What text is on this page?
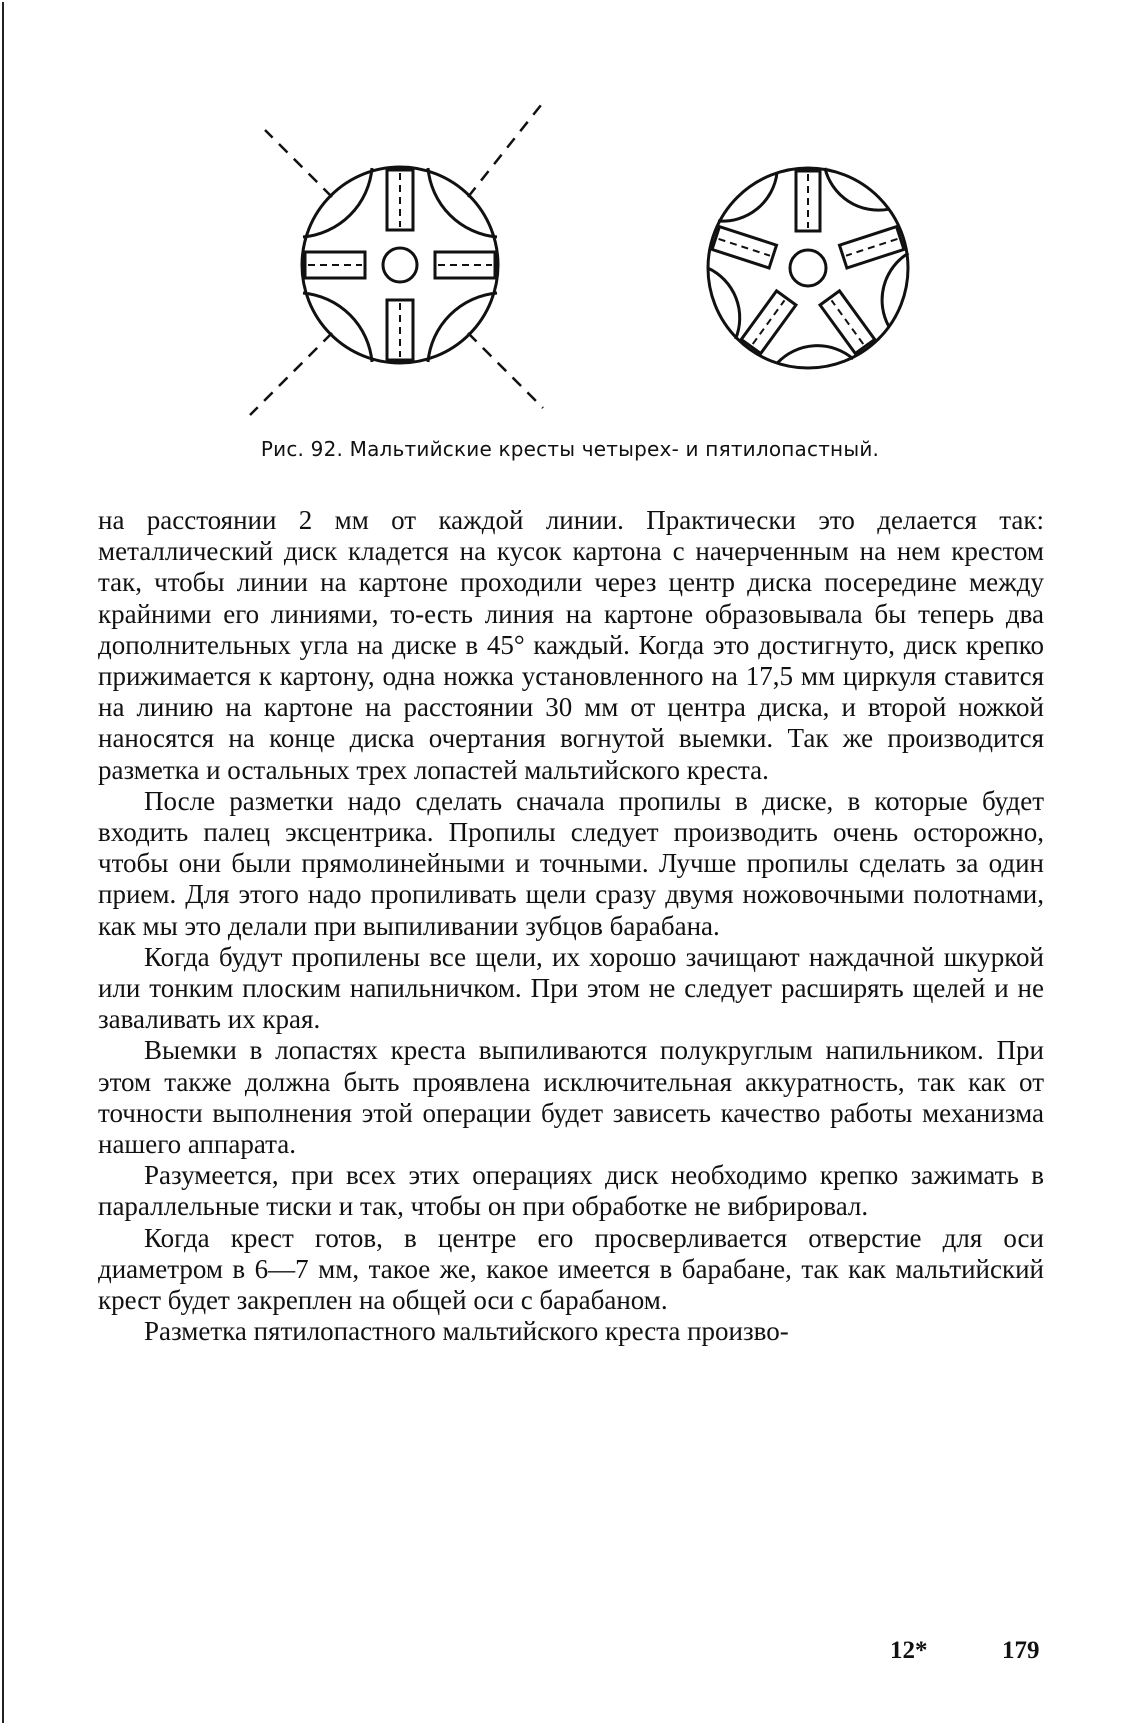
Рис. 92. Мальтийские кресты четырех- и пятилопастный.

на расстоянии 2 мм от каждой линии. Практически это делается так: металлический диск кладется на кусок картона с начерченным на нем крестом так, чтобы линии на картоне проходили через центр диска посередине между крайними его линиями, то-есть линия на картоне образовывала бы теперь два дополнительных угла на диске в 45° каждый. Когда это достигнуто, диск крепко прижимается к картону, одна ножка установленного на 17,5 мм циркуля ставится на линию на картоне на расстоянии 30 мм от центра диска, и второй ножкой наносятся на конце диска очертания вогнутой выемки. Так же производится разметка и остальных трех лопастей мальтийского креста.

После разметки надо сделать сначала пропилы в диске, в которые будет входить палец эксцентрика. Пропилы следует производить очень осторожно, чтобы они были прямолинейными и точными. Лучше пропилы сделать за один прием. Для этого надо пропиливать щели сразу двумя ножовочными полотнами, как мы это делали при выпиливании зубцов барабана.

Когда будут пропилены все щели, их хорошо зачищают наждачной шкуркой или тонким плоским напильничком. При этом не следует расширять щелей и не заваливать их края.

Выемки в лопастях креста выпиливаются полукруглым напильником. При этом также должна быть проявлена исключительная аккуратность, так как от точности выполнения этой операции будет зависеть качество работы механизма нашего аппарата.

Разумеется, при всех этих операциях диск необходимо крепко зажимать в параллельные тиски и так, чтобы он при обработке не вибрировал.

Когда крест готов, в центре его просверливается отверстие для оси диаметром в 6—7 мм, такое же, какое имеется в барабане, так как мальтийский крест будет закреплен на общей оси с барабаном.

Разметка пятилопастного мальтийского креста произво-

12*	179
